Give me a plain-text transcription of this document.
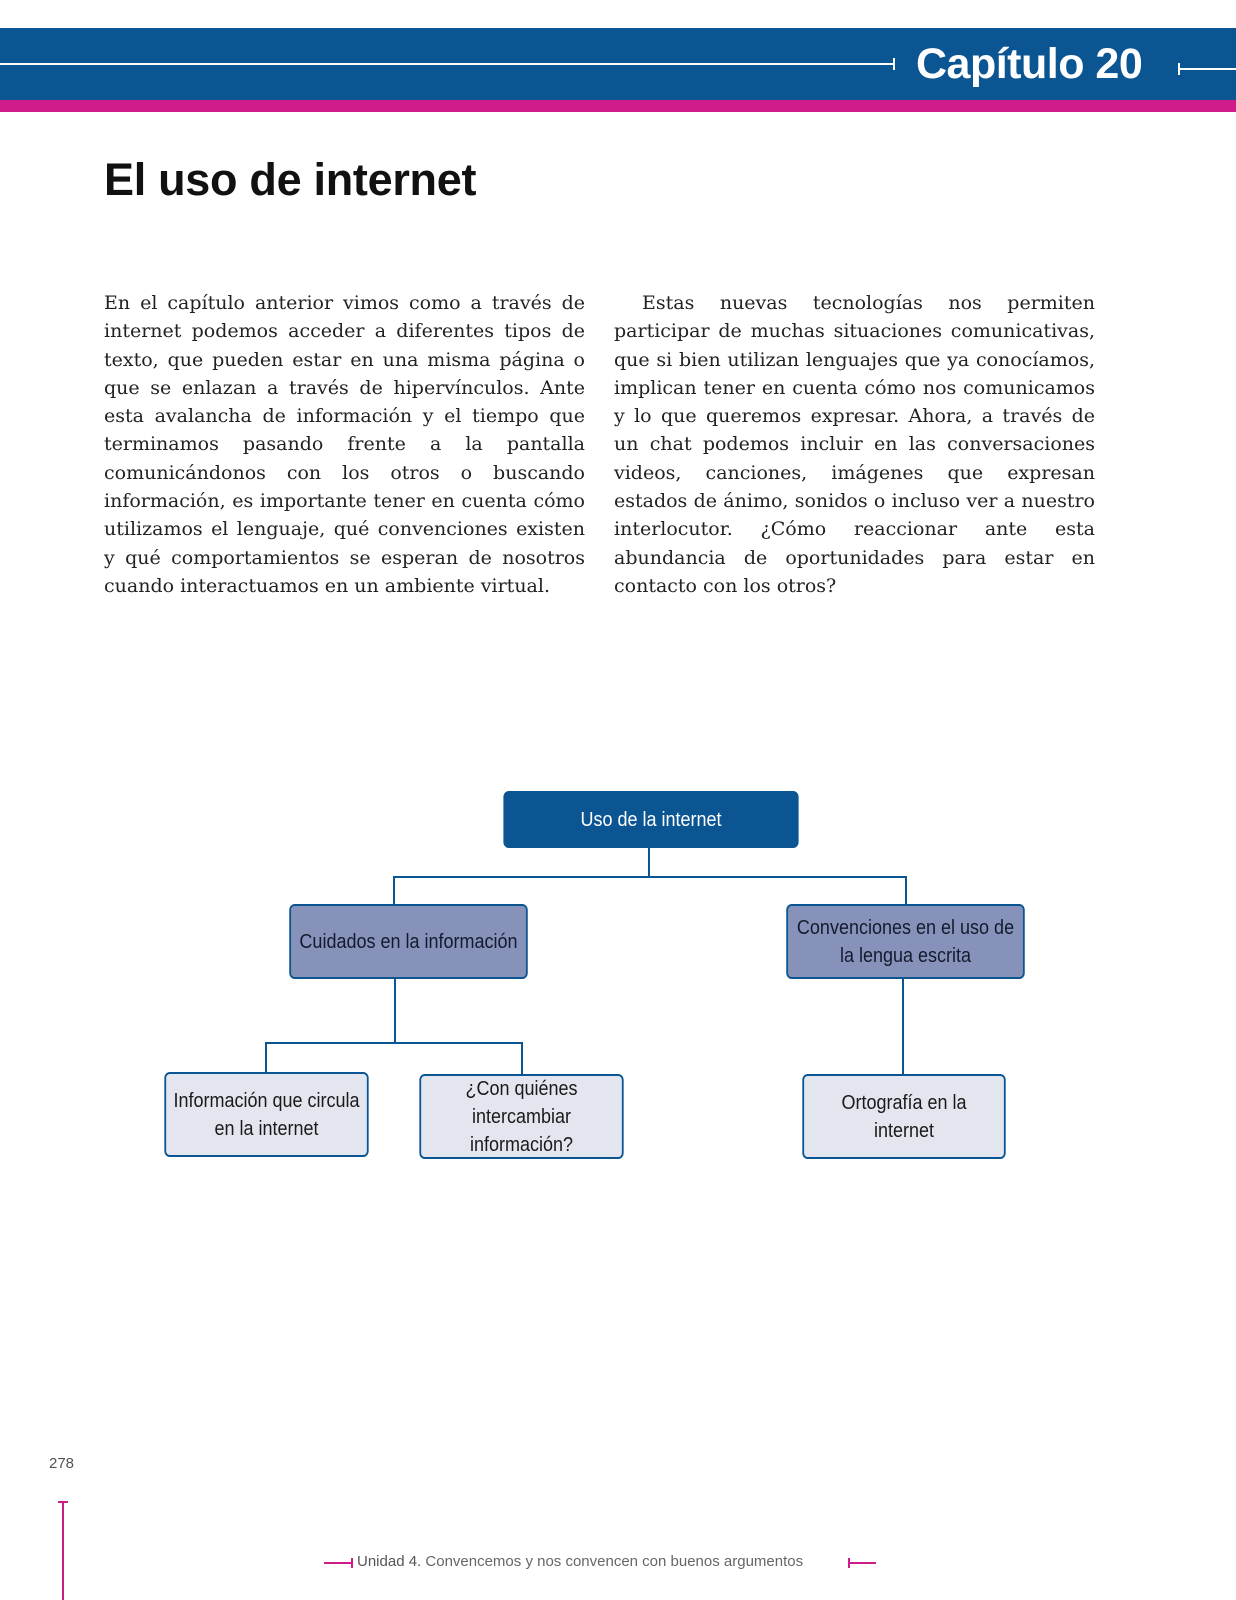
Capítulo 20
El uso de internet

En el capítulo anterior vimos como a través de internet podemos acceder a diferentes tipos de texto, que pueden estar en una misma página o que se enlazan a través de hipervínculos. Ante esta avalancha de información y el tiempo que terminamos pasando frente a la pantalla comunicándonos con los otros o buscando información, es importante tener en cuenta cómo utilizamos el lenguaje, qué convenciones existen y qué comportamientos se esperan de nosotros cuando interactuamos en un ambiente virtual.

Estas nuevas tecnologías nos permiten participar de muchas situaciones comunicativas, que si bien utilizan lenguajes que ya conocíamos, implican tener en cuenta cómo nos comunicamos y lo que queremos expresar. Ahora, a través de un chat podemos incluir en las conversaciones videos, canciones, imágenes que expresan estados de ánimo, sonidos o incluso ver a nuestro interlocutor. ¿Cómo reaccionar ante esta abundancia de oportunidades para estar en contacto con los otros?

Uso de la internet
Cuidados en la información
Convenciones en el uso de la lengua escrita
Información que circula en la internet
¿Con quiénes intercambiar información?
Ortografía en la internet
278
Unidad 4. Convencemos y nos convencen con buenos argumentos
